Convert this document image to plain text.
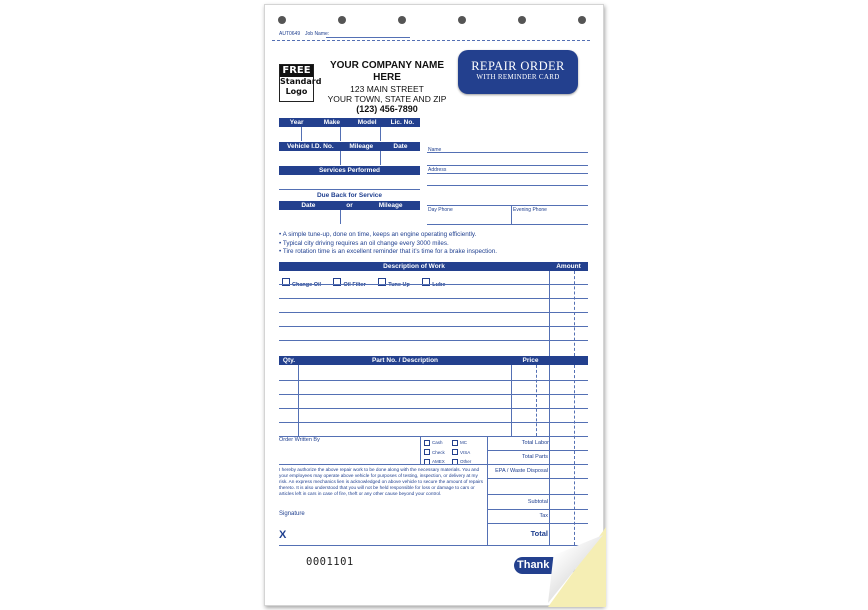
AUT0649 Job Name:
FREE
Standard
Logo
YOUR COMPANY NAME HERE
123 MAIN STREET
YOUR TOWN, STATE AND ZIP
(123) 456-7890
REPAIR ORDER
WITH REMINDER CARD
Year	Make	Model	Lic. No.
Vehicle I.D. No.	Mileage	Date
Services Performed
Due Back for Service
Date	or	Mileage
Name
Address
Day Phone	Evening Phone
• A simple tune-up, done on time, keeps an engine operating efficiently.
• Typical city driving requires an oil change every 3000 miles.
• Tire rotation time is an excellent reminder that it’s time for a brake inspection.
Description of Work	Amount
Change Oil	Oil Filter	Tune Up	Lube
Qty.	Part No. / Description	Price
Order Written By	Cash	MC
Check	VISA
AMEX	Other
Total Labor
Total Parts
EPA / Waste Disposal
Subtotal
Tax
Total
I hereby authorize the above repair work to be done along with the necessary materials. You and your employees may operate above vehicle for purposes of testing, inspection, or delivery at my risk. An express mechanics lien is acknowledged on above vehicle to secure the amount of repairs thereto. It is also understood that you will not be held responsible for loss or damage to cars or articles left in cars in case of fire, theft or any other cause beyond your control.
Signature
X
0001101	Thank
